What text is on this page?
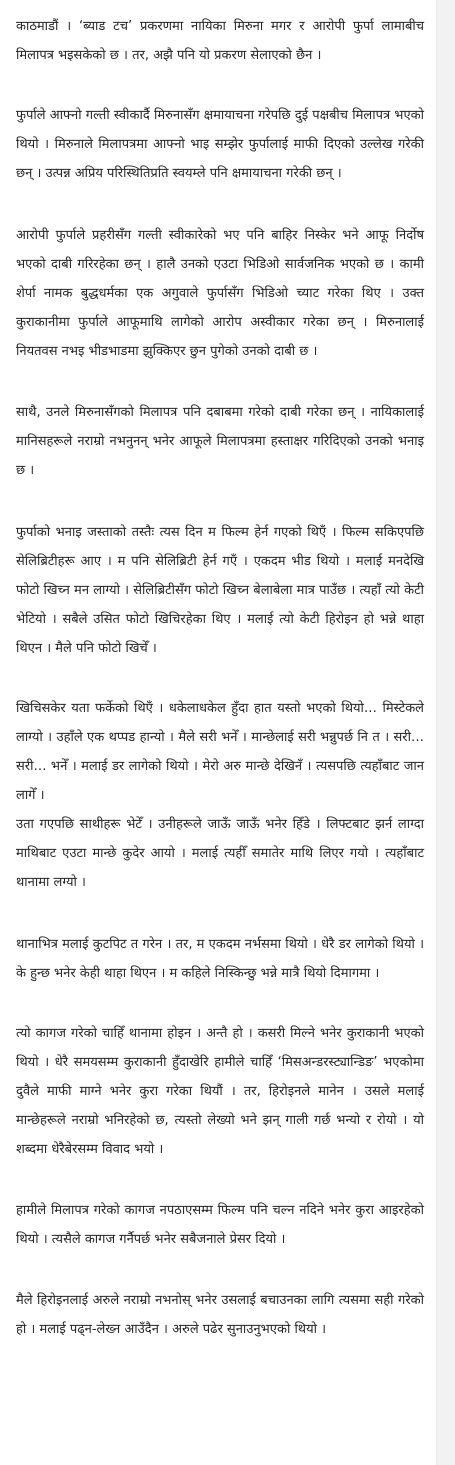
काठमाडौं । ‘ब्याड टच’ प्रकरणमा नायिका मिरुना मगर र आरोपी फुर्पा लामाबीच मिलापत्र भइसकेको छ । तर, अझै पनि यो प्रकरण सेलाएको छैन ।

फुर्पाले आफ्नो गल्ती स्वीकार्दै मिरुनासँग क्षमायाचना गरेपछि दुई पक्षबीच मिलापत्र भएको थियो । मिरुनाले मिलापत्रमा आफ्नो भाइ सम्झेर फुर्पालाई माफी दिएको उल्लेख गरेकी छन् । उत्पन्न अप्रिय परिस्थितिप्रति स्वयम्ले पनि क्षमायाचना गरेकी छन् ।

आरोपी फुर्पाले प्रहरीसँग गल्ती स्वीकारेको भए पनि बाहिर निस्केर भने आफू निर्दोष भएको दाबी गरिरहेका छन् । हालै उनको एउटा भिडिओ सार्वजनिक भएको छ । कामी शेर्पा नामक बुद्धधर्मका एक अगुवाले फुर्पासँग भिडिओ च्याट गरेका थिए । उक्त कुराकानीमा फुर्पाले आफूमाथि लागेको आरोप अस्वीकार गरेका छन् । मिरुनालाई नियतवस नभइ भीडभाडमा झुक्किएर छुन पुगेको उनको दाबी छ ।

साथै, उनले मिरुनासँगको मिलापत्र पनि दबाबमा गरेको दाबी गरेका छन् । नायिकालाई मानिसहरूले नराम्रो नभनुनन् भनेर आफूले मिलापत्रमा हस्ताक्षर गरिदिएको उनको भनाइ छ ।

फुर्पाको भनाइ जस्ताको तस्तैः त्यस दिन म फिल्म हेर्न गएको थिएँ । फिल्म सकिएपछि सेलिब्रिटीहरू आए । म पनि सेलिब्रिटी हेर्न गएँ । एकदम भीड थियो । मलाई मनदेखि फोटो खिच्न मन लाग्यो । सेलिब्रिटीसँग फोटो खिच्न बेलाबेला मात्र पाउँछ । त्यहाँ त्यो केटी भेटियो । सबैले उसित फोटो खिचिरहेका थिए । मलाई त्यो केटी हिरोइन हो भन्ने थाहा थिएन । मैले पनि फोटो खिचेँ ।

खिचिसकेर यता फर्केको थिएँ । धकेलाधकेल हुँदा हात यस्तो भएको थियो… मिस्टेकले लाग्यो । उहाँले एक थप्पड हान्यो । मैले सरी भनेँ । मान्छेलाई सरी भन्नुपर्छ नि त । सरी… सरी… भनेँ । मलाई डर लागेको थियो । मेरो अरु मान्छे देखिनँ । त्यसपछि त्यहाँबाट जान लागेँ ।

उता गएपछि साथीहरू भेटेँ । उनीहरूले जाऊँ जाऊँ भनेर हिँडे । लिफ्टबाट झर्न लाग्दा माथिबाट एउटा मान्छे कुदेर आयो । मलाई त्यहीँ समातेर माथि लिएर गयो । त्यहाँबाट थानामा लग्यो ।

थानाभित्र मलाई कुटपिट त गरेन । तर, म एकदम नर्भसमा थियो । धेरै डर लागेको थियो । के हुन्छ भनेर केही थाहा थिएन । म कहिले निस्किन्छु भन्ने मात्रै थियो दिमागमा ।

त्यो कागज गरेको चाहिँ थानामा होइन । अन्तै हो । कसरी मिल्ने भनेर कुराकानी भएको थियो । धेरै समयसम्म कुराकानी हुँदाखेरि हामीले चाहिँ ‘मिसअन्डरस्ट्यान्डिङ’ भएकोमा दुवैले माफी माग्ने भनेर कुरा गरेका थियौं । तर, हिरोइनले मानेन । उसले मलाई मान्छेहरूले नराम्रो भनिरहेको छ, त्यस्तो लेख्यो भने झन् गाली गर्छ भन्यो र रोयो । यो शब्दमा धेरैबेरसम्म विवाद भयो ।

हामीले मिलापत्र गरेको कागज नपठाएसम्म फिल्म पनि चल्न नदिने भनेर कुरा आइरहेको थियो । त्यसैले कागज गर्नैपर्छ भनेर सबैजनाले प्रेसर दियो ।

मैले हिरोइनलाई अरुले नराम्रो नभनोस् भनेर उसलाई बचाउनका लागि त्यसमा सही गरेको हो । मलाई पढ्न-लेख्न आउँदैन । अरुले पढेर सुनाउनुभएको थियो ।
